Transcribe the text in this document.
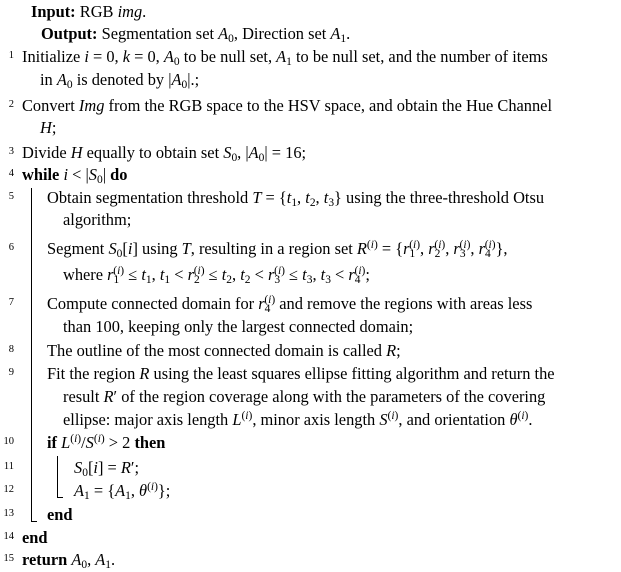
Input: RGB img.
Output: Segmentation set $A_0$, Direction set $A_1$.
1 Initialize i = 0, k = 0, $A_0$ to be null set, $A_1$ to be null set, and the number of items
in $A_0$ is denoted by $|A_0|$.;
2 Convert Img from the RGB space to the HSV space, and obtain the Hue Channel
H;
3 Divide H equally to obtain set $S_0$, $|A_0| = 16$;
4 while $i < |S_0|$ do
5 Obtain segmentation threshold $T = \{t_1$, $t_2$, $t_3$} using the three-threshold Otsu
algorithm;
6 Segment $S_0[i]$ using T, resulting in a region set $R^{(i)} = \{r_1^{(i)}$, $r_2^{(i)}$, $r_3^{(i)}$, $r_4^{(i)}$},
where $r_1^{(i)} \le t_1$, $t_1 < r_2^{(i)} \le t_2$, $t_2 < r_3^{(i)} \le t_3$, $t_3 < r_4^{(i)}$;
7 Compute connected domain for $r_4^{(i)}$ and remove the regions with areas less
than 100, keeping only the largest connected domain;
8 The outline of the most connected domain is called R;
9 Fit the region R using the least squares ellipse fitting algorithm and return the
result R′ of the region coverage along with the parameters of the covering
ellipse: major axis length $L^{(i)}$, minor axis length $S^{(i)}$, and orientation $\theta^{(i)}$.
10 if $L^{(i)}/S^{(i)} > 2$ then
11	$S_0[i] = R'$;
12	$A_1 = \{A_1$, $\theta^{(i)}$};
13 end
14 end
15 return $A_0$, $A_1$.
